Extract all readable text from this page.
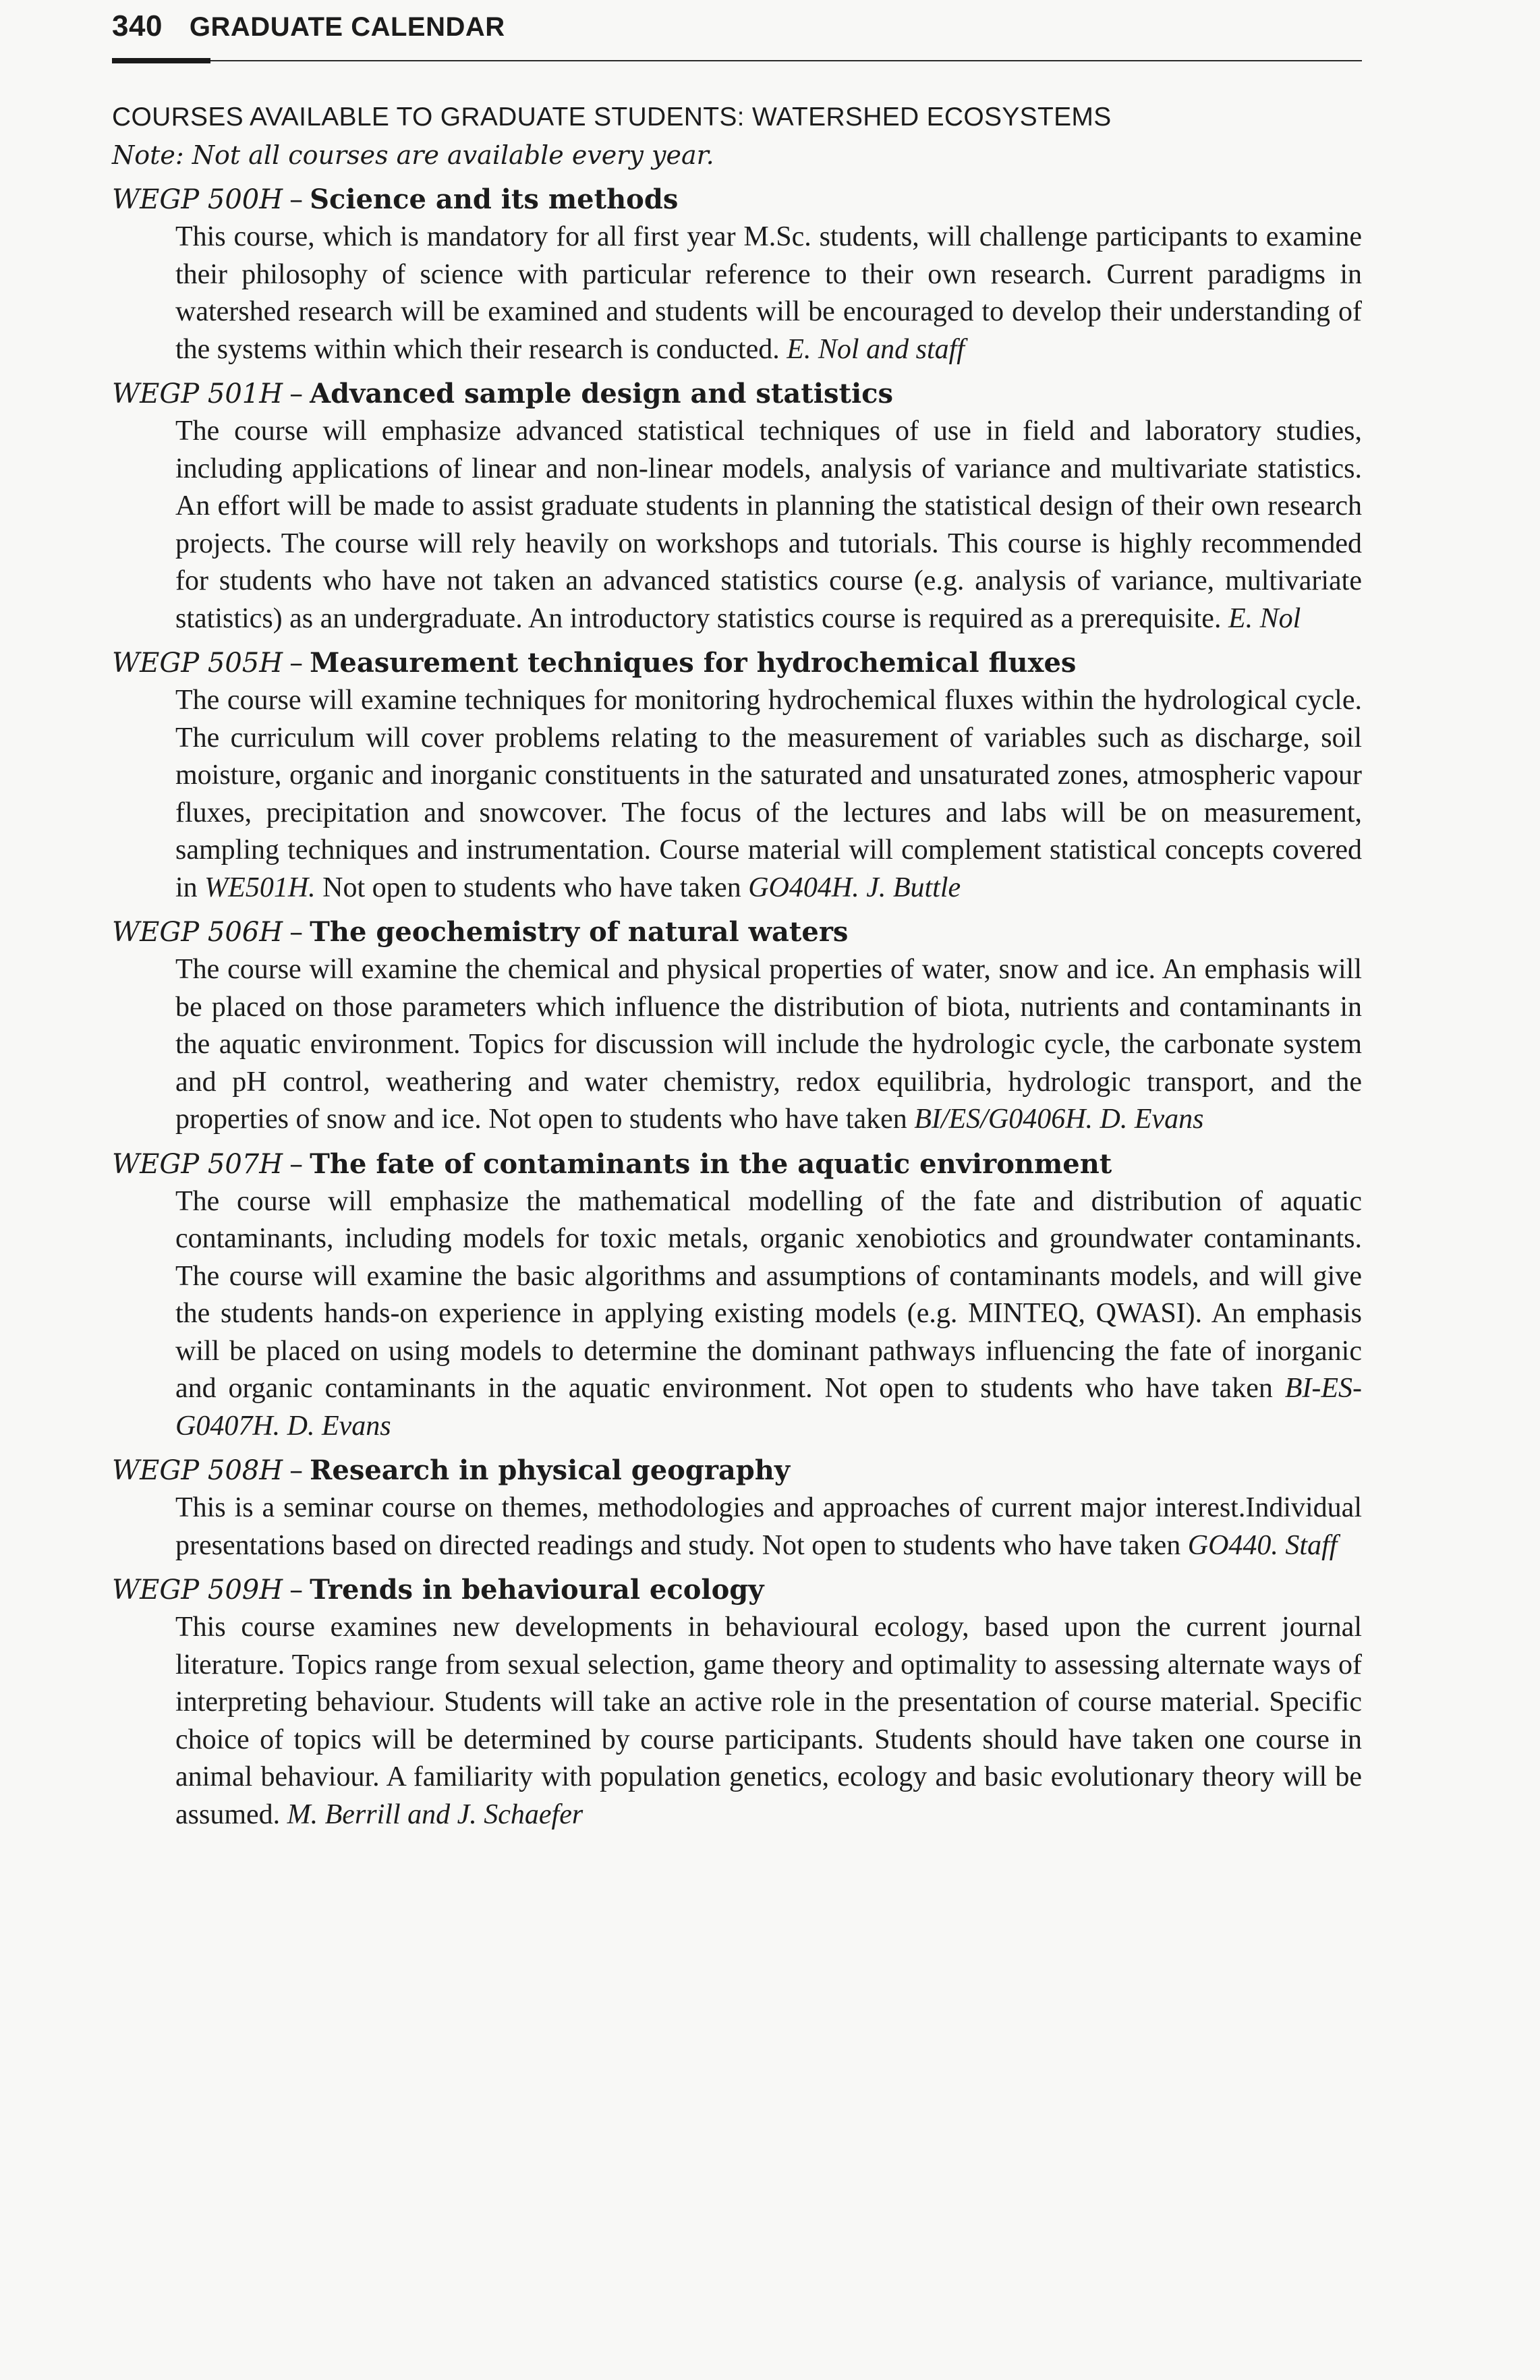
340 GRADUATE CALENDAR
COURSES AVAILABLE TO GRADUATE STUDENTS: WATERSHED ECOSYSTEMS
Note: Not all courses are available every year.
WEGP 500H – Science and its methods
This course, which is mandatory for all first year M.Sc. students, will challenge participants to examine their philosophy of science with particular reference to their own research. Current paradigms in watershed research will be examined and students will be encouraged to develop their understanding of the systems within which their research is conducted. E. Nol and staff
WEGP 501H – Advanced sample design and statistics
The course will emphasize advanced statistical techniques of use in field and laboratory studies, including applications of linear and non-linear models, analysis of variance and multivariate statistics. An effort will be made to assist graduate students in planning the statistical design of their own research projects. The course will rely heavily on workshops and tutorials. This course is highly recommended for students who have not taken an advanced statistics course (e.g. analysis of variance, multivariate statistics) as an undergraduate. An introductory statistics course is required as a prerequisite. E. Nol
WEGP 505H – Measurement techniques for hydrochemical fluxes
The course will examine techniques for monitoring hydrochemical fluxes within the hydrological cycle. The curriculum will cover problems relating to the measurement of variables such as discharge, soil moisture, organic and inorganic constituents in the saturated and unsaturated zones, atmospheric vapour fluxes, precipitation and snowcover. The focus of the lectures and labs will be on measurement, sampling techniques and instrumentation. Course material will complement statistical concepts covered in WE501H. Not open to students who have taken GO404H. J. Buttle
WEGP 506H – The geochemistry of natural waters
The course will examine the chemical and physical properties of water, snow and ice. An emphasis will be placed on those parameters which influence the distribution of biota, nutrients and contaminants in the aquatic environment. Topics for discussion will include the hydrologic cycle, the carbonate system and pH control, weathering and water chemistry, redox equilibria, hydrologic transport, and the properties of snow and ice. Not open to students who have taken BI/ES/G0406H. D. Evans
WEGP 507H – The fate of contaminants in the aquatic environment
The course will emphasize the mathematical modelling of the fate and distribution of aquatic contaminants, including models for toxic metals, organic xenobiotics and groundwater contaminants. The course will examine the basic algorithms and assumptions of contaminants models, and will give the students hands-on experience in applying existing models (e.g. MINTEQ, QWASI). An emphasis will be placed on using models to determine the dominant pathways influencing the fate of inorganic and organic contaminants in the aquatic environment. Not open to students who have taken BI-ES-G0407H. D. Evans
WEGP 508H – Research in physical geography
This is a seminar course on themes, methodologies and approaches of current major interest.Individual presentations based on directed readings and study. Not open to students who have taken GO440. Staff
WEGP 509H – Trends in behavioural ecology
This course examines new developments in behavioural ecology, based upon the current journal literature. Topics range from sexual selection, game theory and optimality to assessing alternate ways of interpreting behaviour. Students will take an active role in the presentation of course material. Specific choice of topics will be determined by course participants. Students should have taken one course in animal behaviour. A familiarity with population genetics, ecology and basic evolutionary theory will be assumed. M. Berrill and J. Schaefer
